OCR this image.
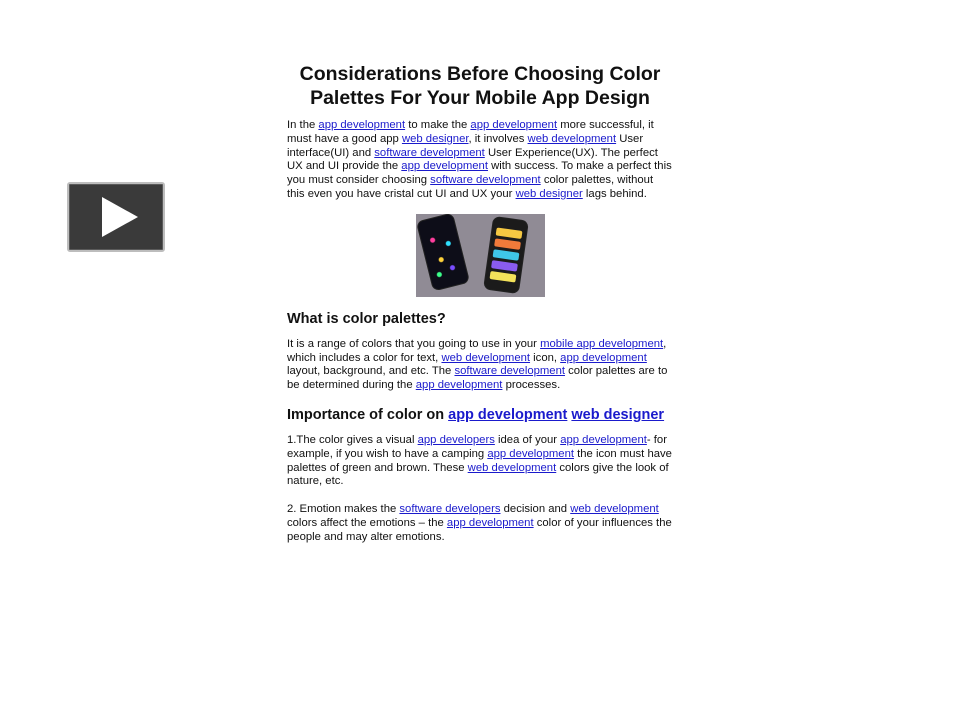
Considerations Before Choosing Color Palettes For Your Mobile App Design

In the app development to make the app development more successful, it must have a good app web designer, it involves web development User interface(UI) and software development User Experience(UX). The perfect UX and UI provide the app development with success. To make a perfect this you must consider choosing software development color palettes, without this even you have cristal cut UI and UX your web designer lags behind.

What is color palettes?

It is a range of colors that you going to use in your mobile app development, which includes a color for text, web development icon, app development layout, background, and etc. The software development color palettes are to be determined during the app development processes.

Importance of color on app development web designer

1.The color gives a visual app developers idea of your app development- for example, if you wish to have a camping app development the icon must have palettes of green and brown. These web development colors give the look of nature, etc.

2. Emotion makes the software developers decision and web development colors affect the emotions – the app development color of your influences the people and may alter emotions.
